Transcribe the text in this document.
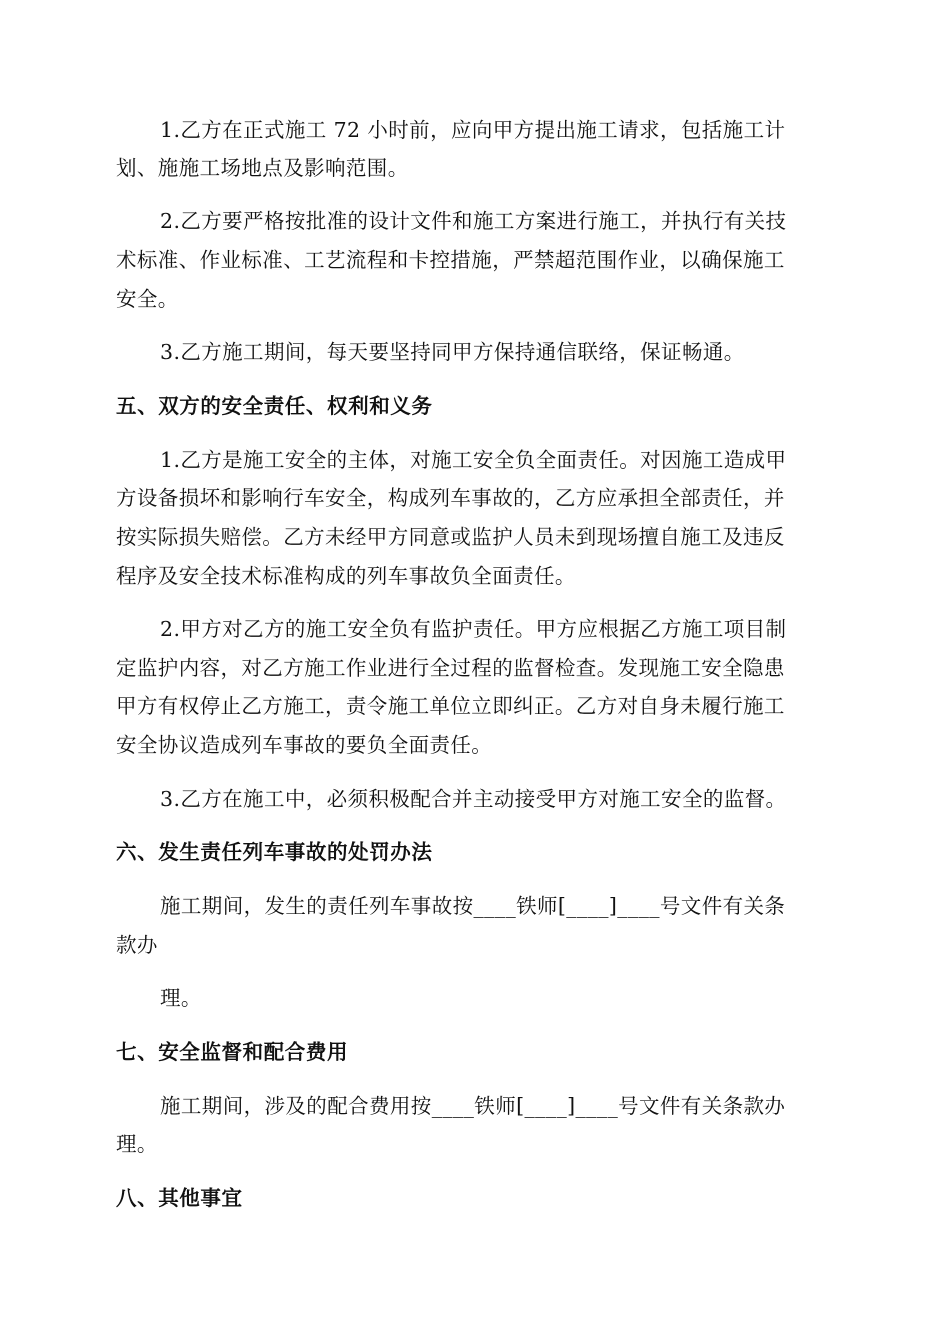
1.乙方在正式施工 72 小时前，应向甲方提出施工请求，包括施工计
划、施施工场地点及影响范围。
2.乙方要严格按批准的设计文件和施工方案进行施工，并执行有关技
术标准、作业标准、工艺流程和卡控措施，严禁超范围作业，以确保施工
安全。
3.乙方施工期间，每天要坚持同甲方保持通信联络，保证畅通。
五、双方的安全责任、权利和义务
1.乙方是施工安全的主体，对施工安全负全面责任。对因施工造成甲
方设备损坏和影响行车安全，构成列车事故的，乙方应承担全部责任，并
按实际损失赔偿。乙方未经甲方同意或监护人员未到现场擅自施工及违反
程序及安全技术标准构成的列车事故负全面责任。
2.甲方对乙方的施工安全负有监护责任。甲方应根据乙方施工项目制
定监护内容，对乙方施工作业进行全过程的监督检查。发现施工安全隐患
甲方有权停止乙方施工，责令施工单位立即纠正。乙方对自身未履行施工
安全协议造成列车事故的要负全面责任。
3.乙方在施工中，必须积极配合并主动接受甲方对施工安全的监督。
六、发生责任列车事故的处罚办法
施工期间，发生的责任列车事故按____铁师[____]____号文件有关条
款办
理。
七、安全监督和配合费用
施工期间，涉及的配合费用按____铁师[____]____号文件有关条款办
理。
八、其他事宜
